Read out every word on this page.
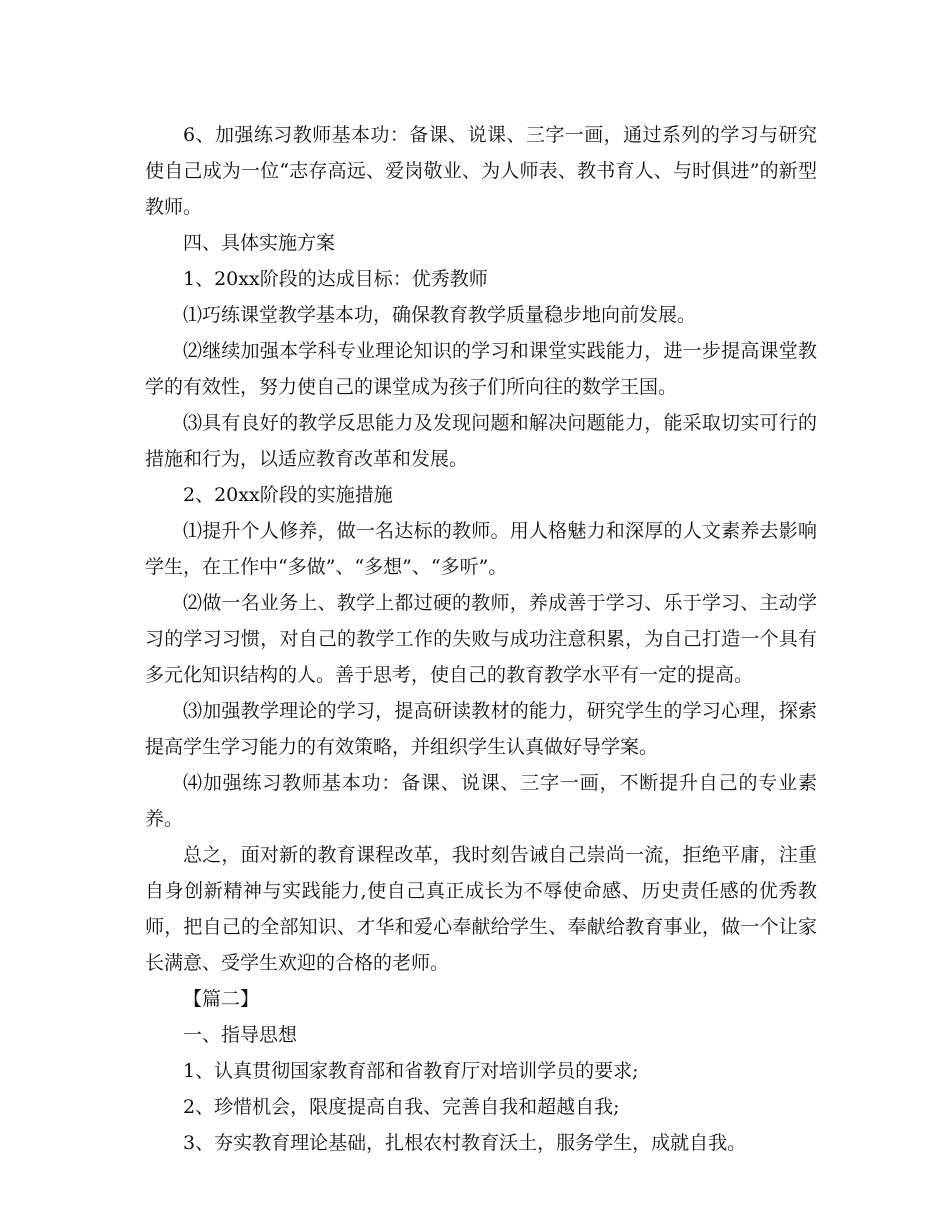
6、加强练习教师基本功：备课、说课、三字一画，通过系列的学习与研究使自己成为一位“志存高远、爱岗敬业、为人师表、教书育人、与时俱进”的新型教师。

四、具体实施方案

1、20xx阶段的达成目标：优秀教师

⑴巧练课堂教学基本功，确保教育教学质量稳步地向前发展。

⑵继续加强本学科专业理论知识的学习和课堂实践能力，进一步提高课堂教学的有效性，努力使自己的课堂成为孩子们所向往的数学王国。

⑶具有良好的教学反思能力及发现问题和解决问题能力，能采取切实可行的措施和行为，以适应教育改革和发展。

2、20xx阶段的实施措施

⑴提升个人修养，做一名达标的教师。用人格魅力和深厚的人文素养去影响学生，在工作中“多做”、“多想”、“多听”。

⑵做一名业务上、教学上都过硬的教师，养成善于学习、乐于学习、主动学习的学习习惯，对自己的教学工作的失败与成功注意积累，为自己打造一个具有多元化知识结构的人。善于思考，使自己的教育教学水平有一定的提高。

⑶加强教学理论的学习，提高研读教材的能力，研究学生的学习心理，探索提高学生学习能力的有效策略，并组织学生认真做好导学案。

⑷加强练习教师基本功：备课、说课、三字一画，不断提升自己的专业素养。

总之，面对新的教育课程改革，我时刻告诫自己崇尚一流，拒绝平庸，注重自身创新精神与实践能力,使自己真正成长为不辱使命感、历史责任感的优秀教师，把自己的全部知识、才华和爱心奉献给学生、奉献给教育事业，做一个让家长满意、受学生欢迎的合格的老师。

【篇二】

一、指导思想

1、认真贯彻国家教育部和省教育厅对培训学员的要求;

2、珍惜机会，限度提高自我、完善自我和超越自我;

3、夯实教育理论基础，扎根农村教育沃土，服务学生，成就自我。
